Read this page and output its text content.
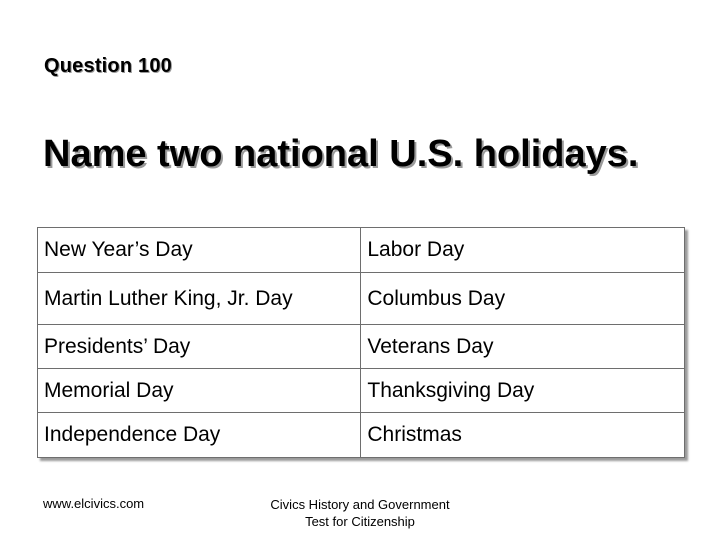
Question 100
Name two national U.S. holidays.
New Year’s Day	Labor Day
Martin Luther King, Jr. Day	Columbus Day
Presidents’ Day	Veterans Day
Memorial Day	Thanksgiving Day
Independence Day	Christmas
www.elcivics.com	Civics History and Government
Test for Citizenship
